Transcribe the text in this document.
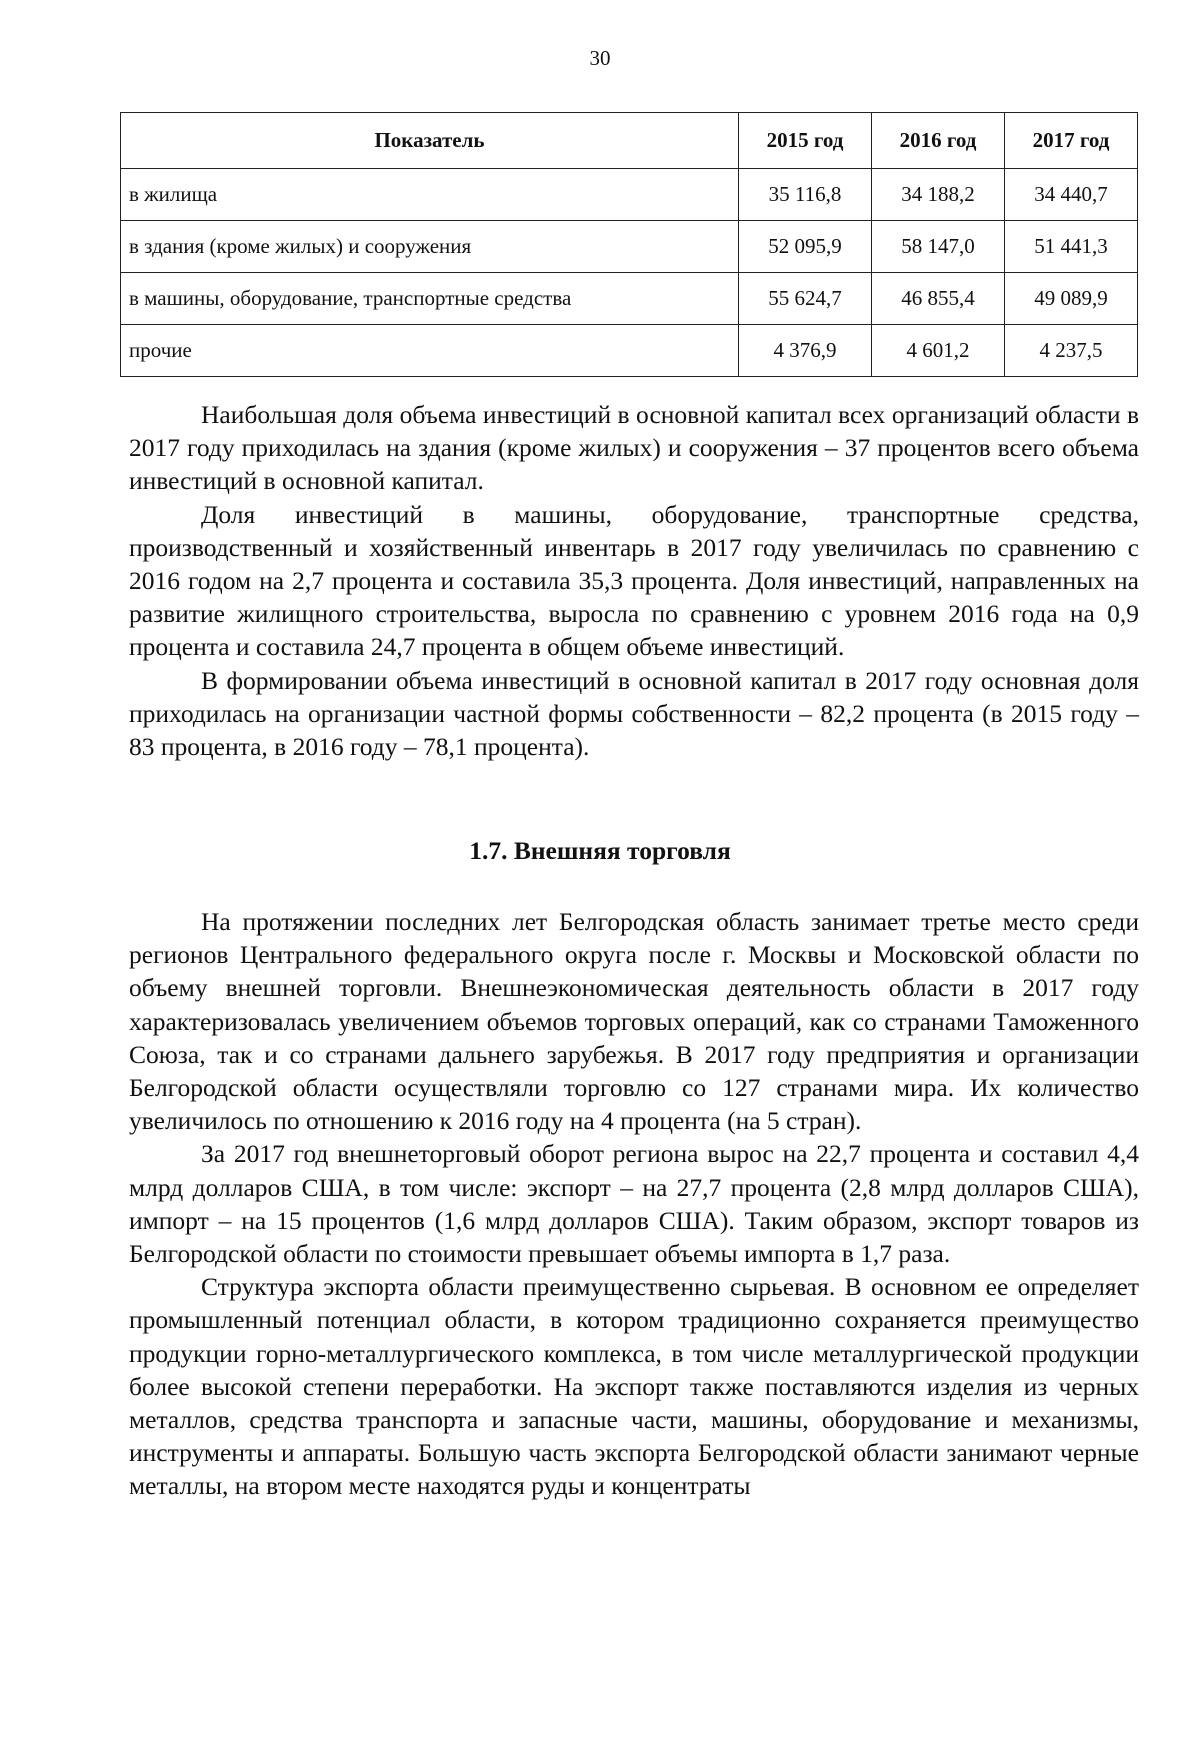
30
Показатель	2015 год	2016 год	2017 год
в жилища	35 116,8	34 188,2	34 440,7
в здания (кроме жилых) и сооружения	52 095,9	58 147,0	51 441,3
в машины, оборудование, транспортные средства	55 624,7	46 855,4	49 089,9
прочие	4 376,9	4 601,2	4 237,5

Наибольшая доля объема инвестиций в основной капитал всех организаций области в 2017 году приходилась на здания (кроме жилых) и сооружения – 37 процентов всего объема инвестиций в основной капитал.

Доля инвестиций в машины, оборудование, транспортные средства, производственный и хозяйственный инвентарь в 2017 году увеличилась по сравнению с 2016 годом на 2,7 процента и составила 35,3 процента. Доля инвестиций, направленных на развитие жилищного строительства, выросла по сравнению с уровнем 2016 года на 0,9 процента и составила 24,7 процента в общем объеме инвестиций.

В формировании объема инвестиций в основной капитал в 2017 году основная доля приходилась на организации частной формы собственности – 82,2 процента (в 2015 году – 83 процента, в 2016 году – 78,1 процента).

1.7. Внешняя торговля

На протяжении последних лет Белгородская область занимает третье место среди регионов Центрального федерального округа после г. Москвы и Московской области по объему внешней торговли. Внешнеэкономическая деятельность области в 2017 году характеризовалась увеличением объемов торговых операций, как со странами Таможенного Союза, так и со странами дальнего зарубежья. В 2017 году предприятия и организации Белгородской области осуществляли торговлю со 127 странами мира. Их количество увеличилось по отношению к 2016 году на 4 процента (на 5 стран).

За 2017 год внешнеторговый оборот региона вырос на 22,7 процента и составил 4,4 млрд долларов США, в том числе: экспорт – на 27,7 процента (2,8 млрд долларов США), импорт – на 15 процентов (1,6 млрд долларов США). Таким образом, экспорт товаров из Белгородской области по стоимости превышает объемы импорта в 1,7 раза.

Структура экспорта области преимущественно сырьевая. В основном ее определяет промышленный потенциал области, в котором традиционно сохраняется преимущество продукции горно-металлургического комплекса, в том числе металлургической продукции более высокой степени переработки. На экспорт также поставляются изделия из черных металлов, средства транспорта и запасные части, машины, оборудование и механизмы, инструменты и аппараты. Большую часть экспорта Белгородской области занимают черные металлы, на втором месте находятся руды и концентраты
